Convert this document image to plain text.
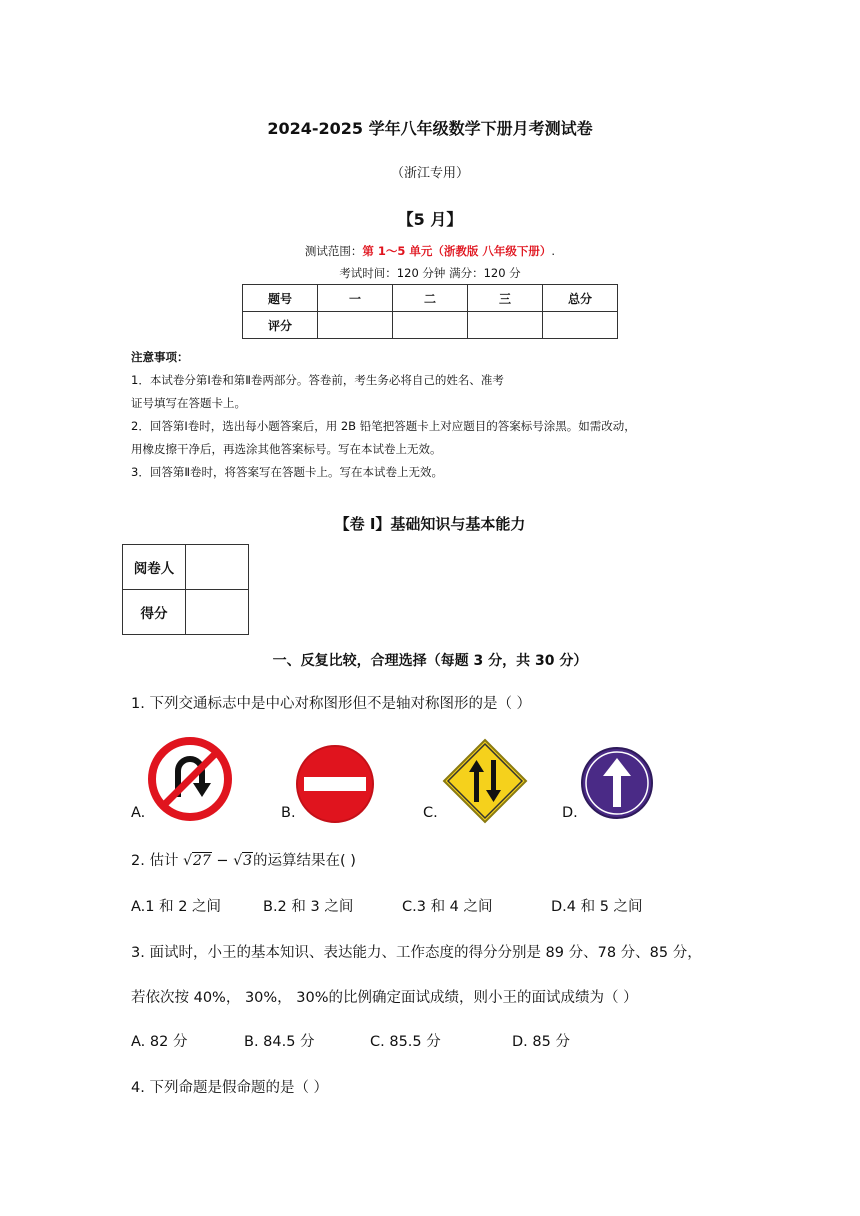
2024-2025 学年八年级数学下册月考测试卷
（浙江专用）
【5 月】
测试范围：第 1～5 单元（浙教版 八年级下册）.
考试时间：120 分钟 满分：120 分
题号	一	二	三	总分
评分				
注意事项：
1．本试卷分第Ⅰ卷和第Ⅱ卷两部分。答卷前，考生务必将自己的姓名、准考
证号填写在答题卡上。
2．回答第Ⅰ卷时，选出每小题答案后，用 2B 铅笔把答题卡上对应题目的答案标号涂黑。如需改动，
用橡皮擦干净后，再选涂其他答案标号。写在本试卷上无效。
3．回答第Ⅱ卷时，将答案写在答题卡上。写在本试卷上无效。
【卷 I】基础知识与基本能力
阅卷人	
得分	
一、反复比较，合理选择（每题 3 分，共 30 分）
1. 下列交通标志中是中心对称图形但不是轴对称图形的是（ ）
A.	B.	C.	D.
2. 估计 √27 − √3的运算结果在( )
A.1 和 2 之间	B.2 和 3 之间	C.3 和 4 之间	D.4 和 5 之间
3. 面试时，小王的基本知识、表达能力、工作态度的得分分别是 89 分、78 分、85 分，
若依次按 40%， 30%， 30%的比例确定面试成绩，则小王的面试成绩为（ ）
A. 82 分	B. 84.5 分	C. 85.5 分	D. 85 分
4. 下列命题是假命题的是（ ）
